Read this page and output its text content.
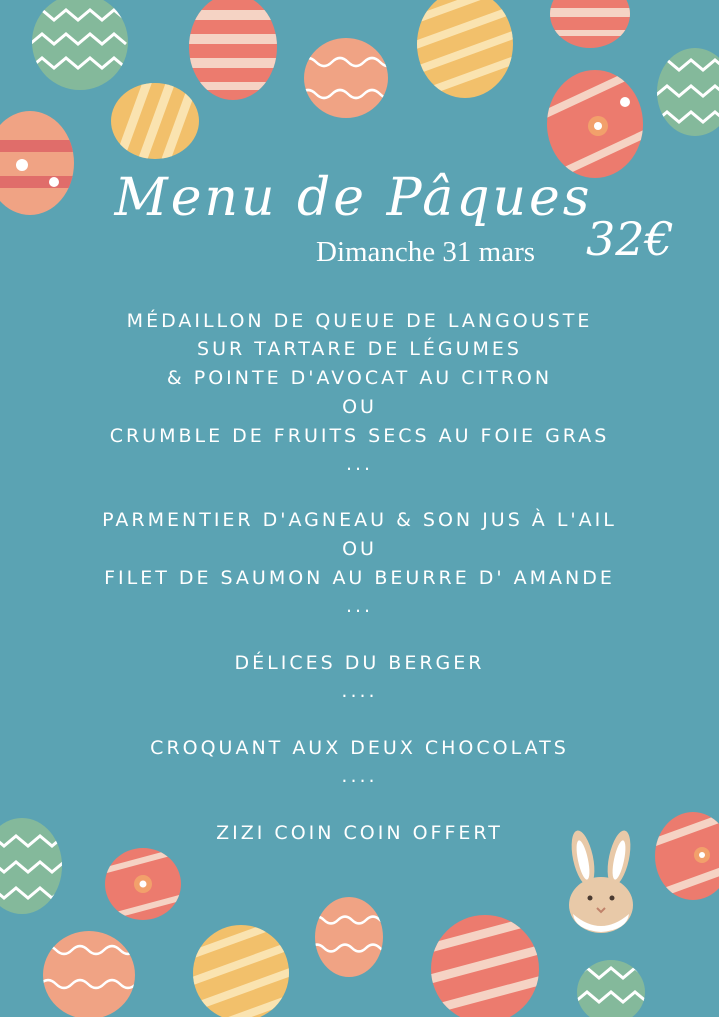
Menu de Pâques
Dimanche 31 mars 32€
MÉDAILLON DE QUEUE DE LANGOUSTE
SUR TARTARE DE LÉGUMES
& POINTE D'AVOCAT AU CITRON
OU
CRUMBLE DE FRUITS SECS AU FOIE GRAS
...
PARMENTIER D'AGNEAU & SON JUS À L'AIL
OU
FILET DE SAUMON AU BEURRE D' AMANDE
...
DÉLICES DU BERGER
....
CROQUANT AUX DEUX CHOCOLATS
....
ZIZI COIN COIN OFFERT
